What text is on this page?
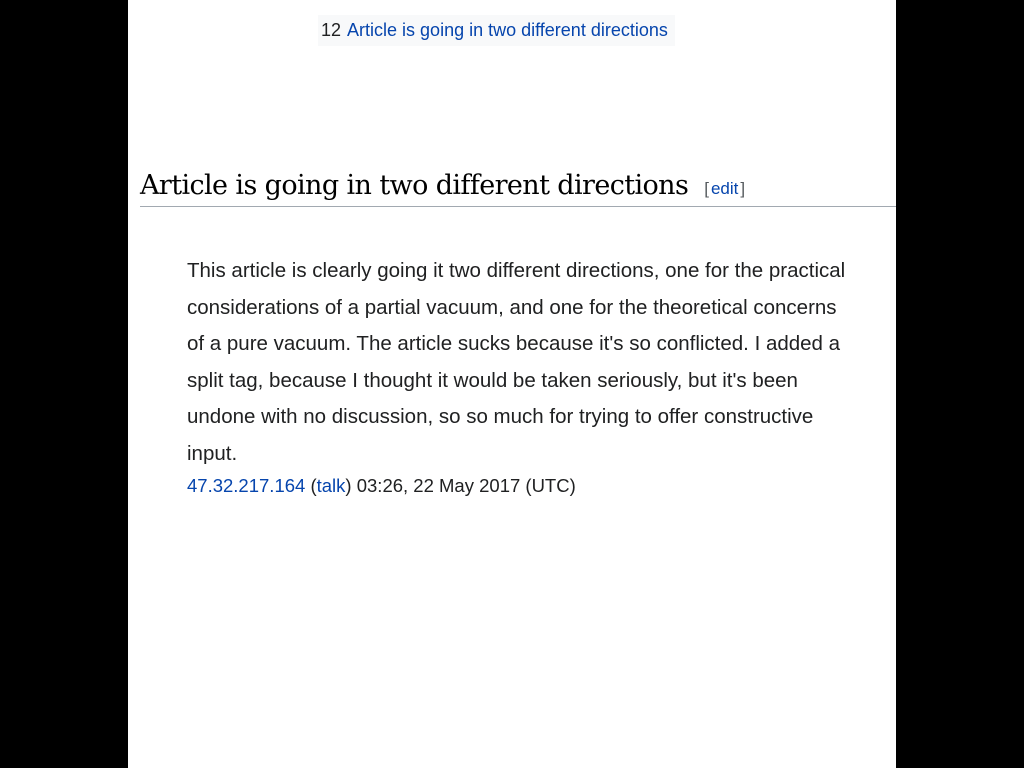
12 Article is going in two different directions
Article is going in two different directions [ edit ]
This article is clearly going it two different directions, one for the practical considerations of a partial vacuum, and one for the theoretical concerns of a pure vacuum. The article sucks because it's so conflicted. I added a split tag, because I thought it would be taken seriously, but it's been undone with no discussion, so so much for trying to offer constructive input.
47.32.217.164 (talk) 03:26, 22 May 2017 (UTC)
